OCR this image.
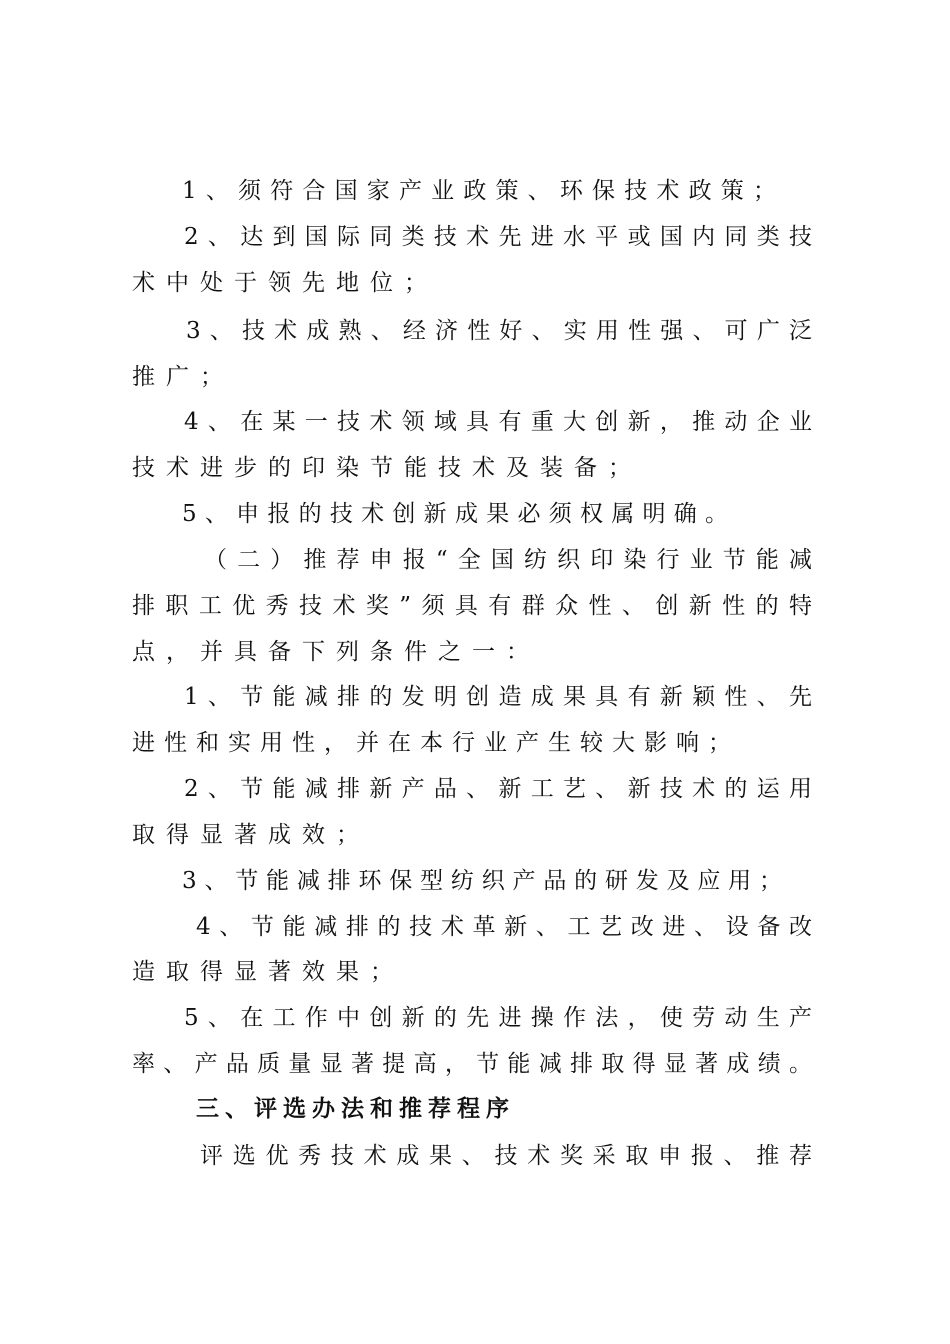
1、须符合国家产业政策、环保技术政策；
2、达到国际同类技术先进水平或国内同类技
术中处于领先地位；
3、技术成熟、经济性好、实用性强、可广泛
推广；
4、在某一技术领域具有重大创新，推动企业
技术进步的印染节能技术及装备；
5、申报的技术创新成果必须权属明确。
（二）推荐申报“全国纺织印染行业节能减
排职工优秀技术奖”须具有群众性、创新性的特
点，并具备下列条件之一：
1、节能减排的发明创造成果具有新颖性、先
进性和实用性，并在本行业产生较大影响；
2、节能减排新产品、新工艺、新技术的运用
取得显著成效；
3、节能减排环保型纺织产品的研发及应用；
4、节能减排的技术革新、工艺改进、设备改
造取得显著效果；
5、在工作中创新的先进操作法，使劳动生产
率、产品质量显著提高，节能减排取得显著成绩。
三、评选办法和推荐程序
评选优秀技术成果、技术奖采取申报、推荐
